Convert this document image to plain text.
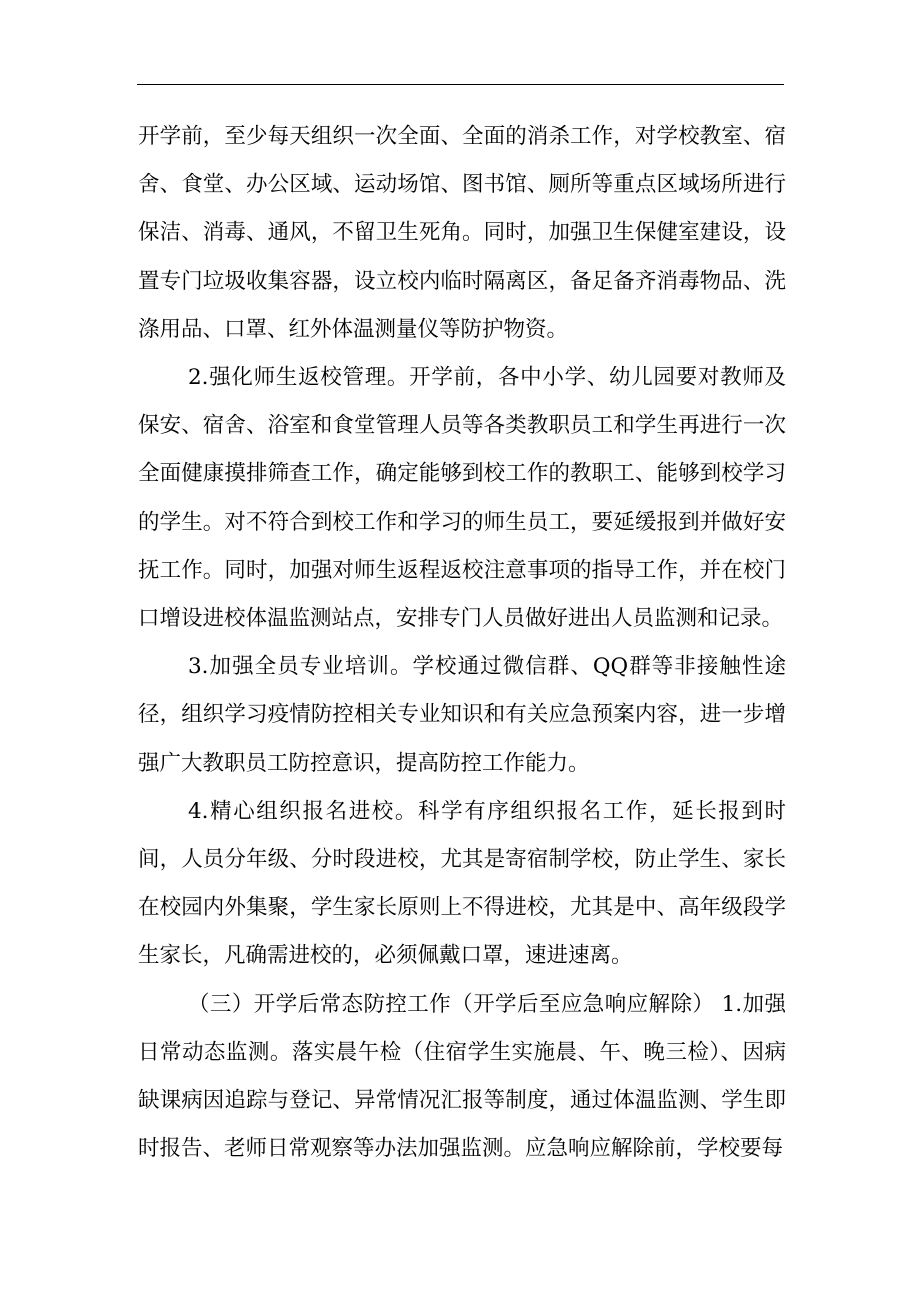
开学前，至少每天组织一次全面、全面的消杀工作，对学校教室、宿舍、食堂、办公区域、运动场馆、图书馆、厕所等重点区域场所进行保洁、消毒、通风，不留卫生死角。同时，加强卫生保健室建设，设置专门垃圾收集容器，设立校内临时隔离区，备足备齐消毒物品、洗涤用品、口罩、红外体温测量仪等防护物资。

2.强化师生返校管理。开学前，各中小学、幼儿园要对教师及保安、宿舍、浴室和食堂管理人员等各类教职员工和学生再进行一次全面健康摸排筛查工作，确定能够到校工作的教职工、能够到校学习的学生。对不符合到校工作和学习的师生员工，要延缓报到并做好安抚工作。同时，加强对师生返程返校注意事项的指导工作，并在校门口增设进校体温监测站点，安排专门人员做好进出人员监测和记录。

3.加强全员专业培训。学校通过微信群、QQ群等非接触性途径，组织学习疫情防控相关专业知识和有关应急预案内容，进一步增强广大教职员工防控意识，提高防控工作能力。

4.精心组织报名进校。科学有序组织报名工作，延长报到时间，人员分年级、分时段进校，尤其是寄宿制学校，防止学生、家长在校园内外集聚，学生家长原则上不得进校，尤其是中、高年级段学生家长，凡确需进校的，必须佩戴口罩，速进速离。

（三）开学后常态防控工作（开学后至应急响应解除） 1.加强日常动态监测。落实晨午检（住宿学生实施晨、午、晚三检）、因病缺课病因追踪与登记、异常情况汇报等制度，通过体温监测、学生即时报告、老师日常观察等办法加强监测。应急响应解除前，学校要每
